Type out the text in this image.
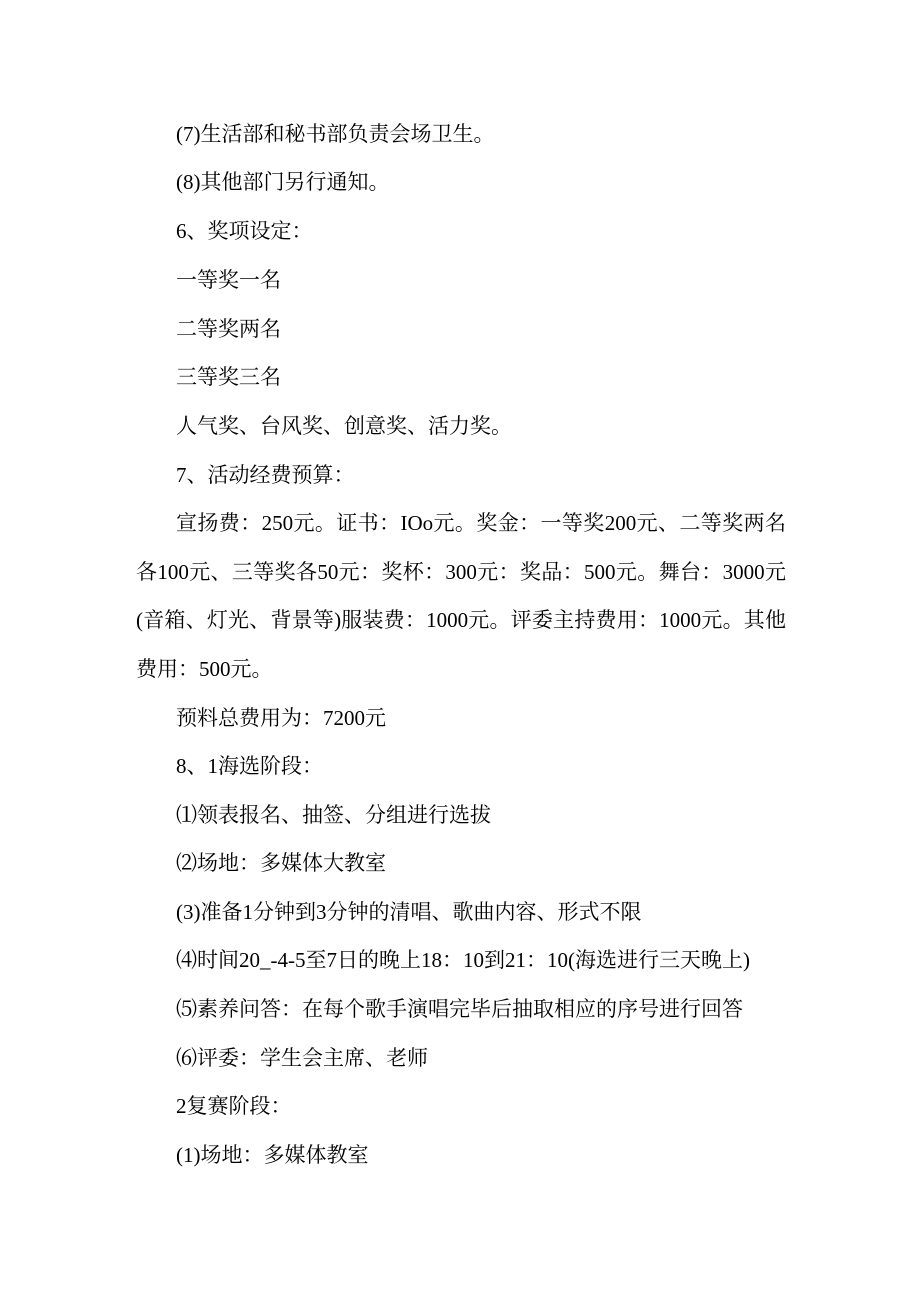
(7)生活部和秘书部负责会场卫生。

(8)其他部门另行通知。

6、奖项设定：

一等奖一名

二等奖两名

三等奖三名

人气奖、台风奖、创意奖、活力奖。

7、活动经费预算：

宣扬费：250元。证书：IOo元。奖金：一等奖200元、二等奖两名各100元、三等奖各50元：奖杯：300元：奖品：500元。舞台：3000元(音箱、灯光、背景等)服装费：1000元。评委主持费用：1000元。其他费用：500元。

预料总费用为：7200元

8、1海选阶段：

⑴领表报名、抽签、分组进行选拔

⑵场地：多媒体大教室

(3)准备1分钟到3分钟的清唱、歌曲内容、形式不限

⑷时间20_-4-5至7日的晚上18：10到21：10(海选进行三天晚上)

⑸素养问答：在每个歌手演唱完毕后抽取相应的序号进行回答

⑹评委：学生会主席、老师

2复赛阶段：

(1)场地：多媒体教室
